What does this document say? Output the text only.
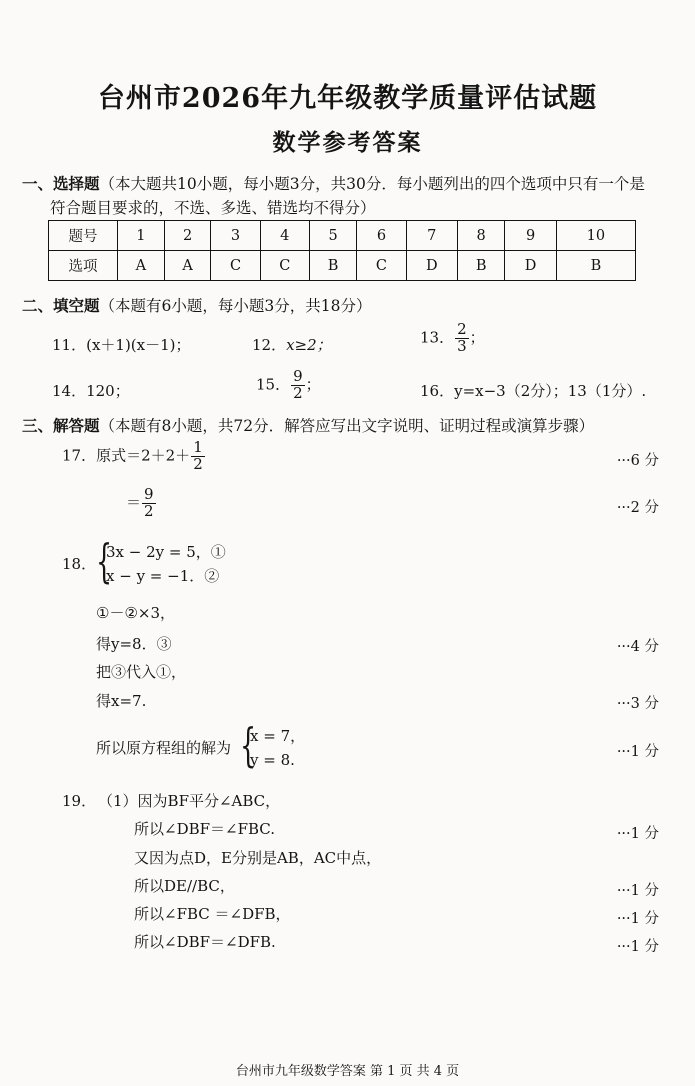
台州市2026年九年级教学质量评估试题
数学参考答案
一、选择题（本大题共10小题，每小题3分，共30分．每小题列出的四个选项中只有一个是
符合题目要求的，不选、多选、错选均不得分）
题号	1	2	3	4	5	6	7	8	9	10
选项	A	A	C	C	B	C	D	B	D	B
二、填空题（本题有6小题，每小题3分，共18分）
11．(x＋1)(x－1)；	12．x≥2；	13． $\frac{2}{3}$ ；
14．120；	15． $\frac{9}{2}$ ；	16．y=x−3（2分）；13（1分）.
三、解答题（本题有8小题，共72分．解答应写出文字说明、证明过程或演算步骤）
17．原式$=2+2+ \frac{1}{2}$	···6 分
＝ $\frac{9}{2}$	···2 分
18． {
3x − 2y = 5，①
x − y = −1．②
①－②×3，
得y=8．③	···4 分
把③代入①，
得x=7.	···3 分
所以原方程组的解为 {
x = 7，
y = 8.	···1 分
19． （1）因为BF平分∠ABC，
所以∠DBF＝∠FBC.	···1 分
又因为点D，E分别是AB，AC中点，
所以DE//BC，	···1 分
所以∠FBC ＝∠DFB，	···1 分
所以∠DBF＝∠DFB.	···1 分
台州市九年级数学答案 第 1 页 共 4 页
